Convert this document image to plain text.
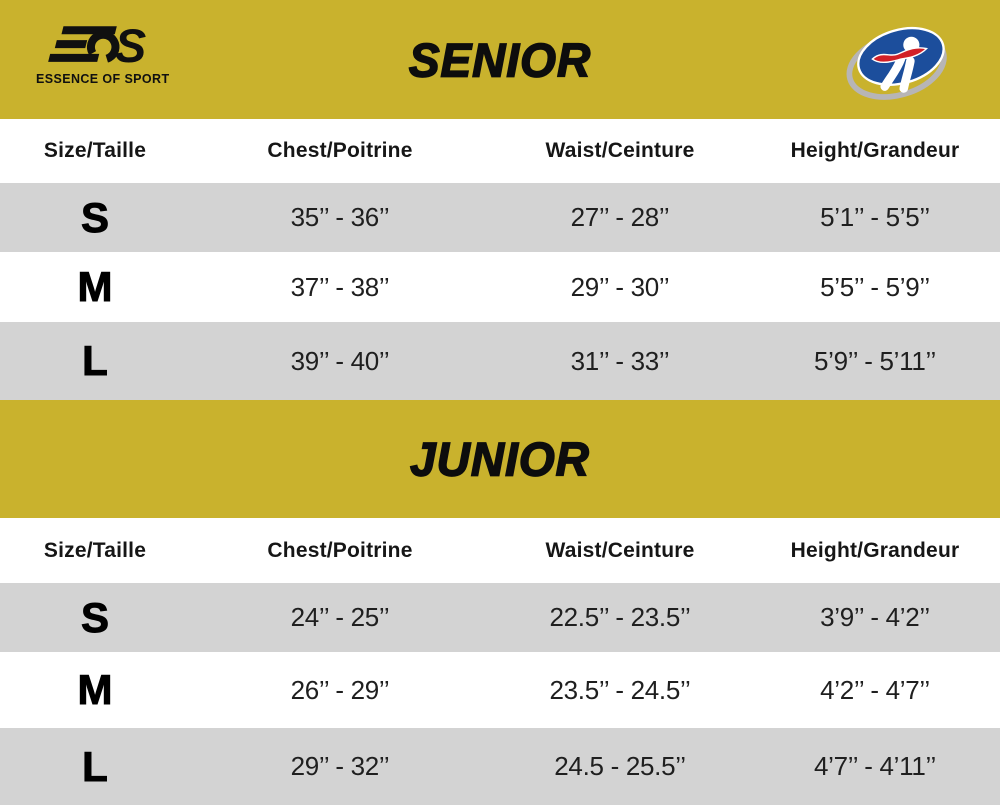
S
ESSENCE OF SPORT	SENIOR
Size/Taille	Chest/Poitrine	Waist/Ceinture	Height/Grandeur
S	35’’ - 36’’	27’’ - 28’’	5’1’’ - 5’5’’
M	37’’ - 38’’	29’’ - 30’’	5’5’’ - 5’9’’
L	39’’ - 40’’	31’’ - 33’’	5’9’’ - 5’11’’
JUNIOR
Size/Taille	Chest/Poitrine	Waist/Ceinture	Height/Grandeur
S	24’’ - 25’’	22.5’’ - 23.5’’	3’9’’ - 4’2’’
M	26’’ - 29’’	23.5’’ - 24.5’’	4’2’’ - 4’7’’
L	29’’ - 32’’	24.5 - 25.5’’	4’7’’ - 4’11’’
